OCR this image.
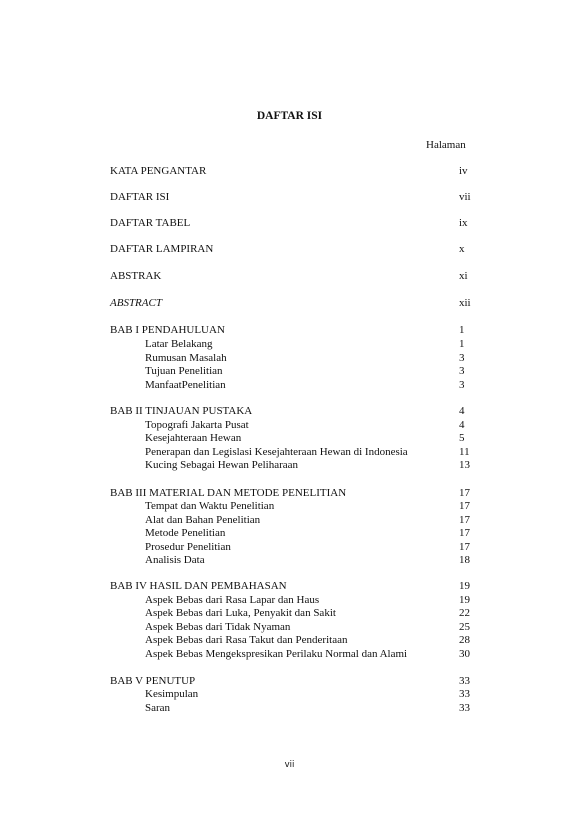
DAFTAR ISI
Halaman
KATA PENGANTAR	iv
DAFTAR ISI	vii
DAFTAR TABEL	ix
DAFTAR LAMPIRAN	x
ABSTRAK	xi
ABSTRACT	xii
BAB I PENDAHULUAN	1
Latar Belakang	1
Rumusan Masalah	3
Tujuan Penelitian	3
ManfaatPenelitian	3
BAB II TINJAUAN PUSTAKA	4
Topografi Jakarta Pusat	4
Kesejahteraan Hewan	5
Penerapan dan Legislasi Kesejahteraan Hewan di Indonesia	11
Kucing Sebagai Hewan Peliharaan	13
BAB III MATERIAL DAN METODE PENELITIAN	17
Tempat dan Waktu Penelitian	17
Alat dan Bahan Penelitian	17
Metode Penelitian	17
Prosedur Penelitian	17
Analisis Data	18
BAB IV HASIL DAN PEMBAHASAN	19
Aspek Bebas dari Rasa Lapar dan Haus	19
Aspek Bebas dari Luka, Penyakit dan Sakit	22
Aspek Bebas dari Tidak Nyaman	25
Aspek Bebas dari Rasa Takut dan Penderitaan	28
Aspek Bebas Mengekspresikan Perilaku Normal dan Alami	30
BAB V PENUTUP	33
Kesimpulan	33
Saran	33
vii
